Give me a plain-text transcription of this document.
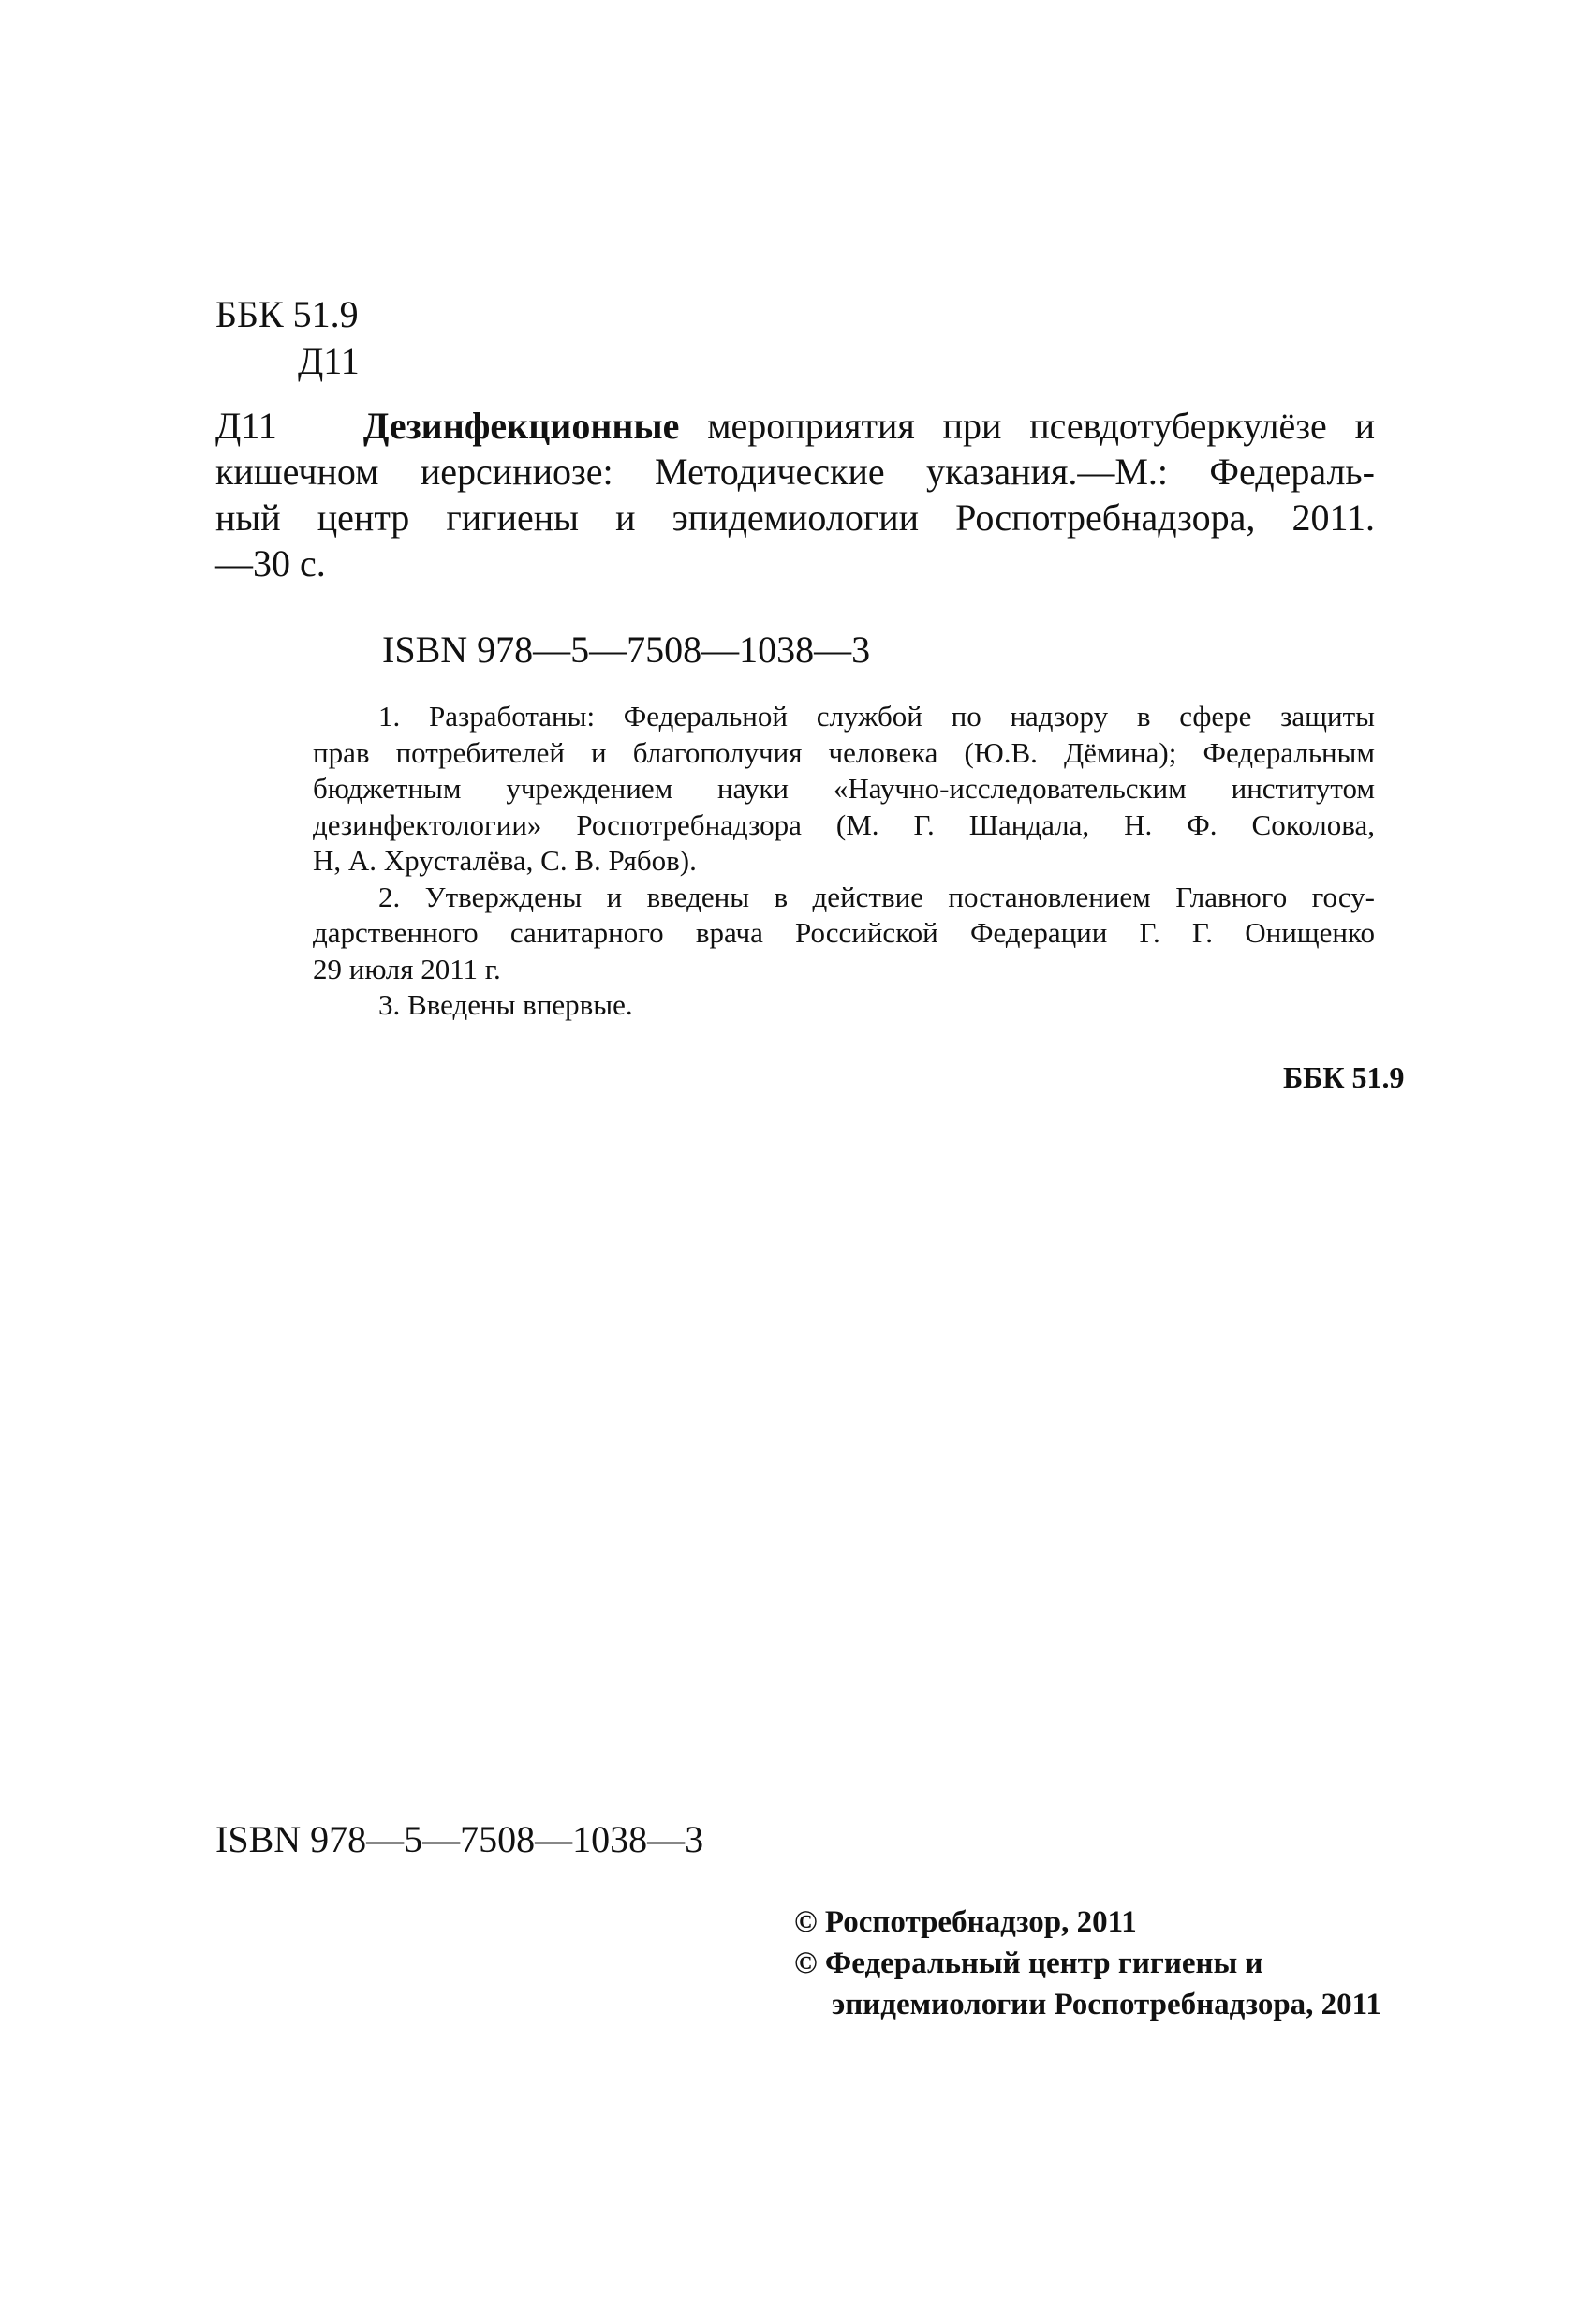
ББК 51.9
Д11
Д11 Дезинфекционные мероприятия при псевдотуберкулёзе и
кишечном иерсиниозе: Методические указания.—М.: Федераль-
ный центр гигиены и эпидемиологии Роспотребнадзора, 2011.
—30 с.
ISBN 978—5—7508—1038—3
1. Разработаны: Федеральной службой по надзору в сфере защиты
прав потребителей и благополучия человека (Ю.В. Дёмина); Федеральным
бюджетным учреждением науки «Научно-исследовательским институтом
дезинфектологии» Роспотребнадзора (М. Г. Шандала, Н. Ф. Соколова,
Н, А. Хрусталёва, С. В. Рябов).
2. Утверждены и введены в действие постановлением Главного госу-
дарственного санитарного врача Российской Федерации Г. Г. Онищенко
29 июля 2011 г.
3. Введены впервые.
ББК 51.9
ISBN 978—5—7508—1038—3
© Роспотребнадзор, 2011
© Федеральный центр гигиены и
эпидемиологии Роспотребнадзора, 2011
